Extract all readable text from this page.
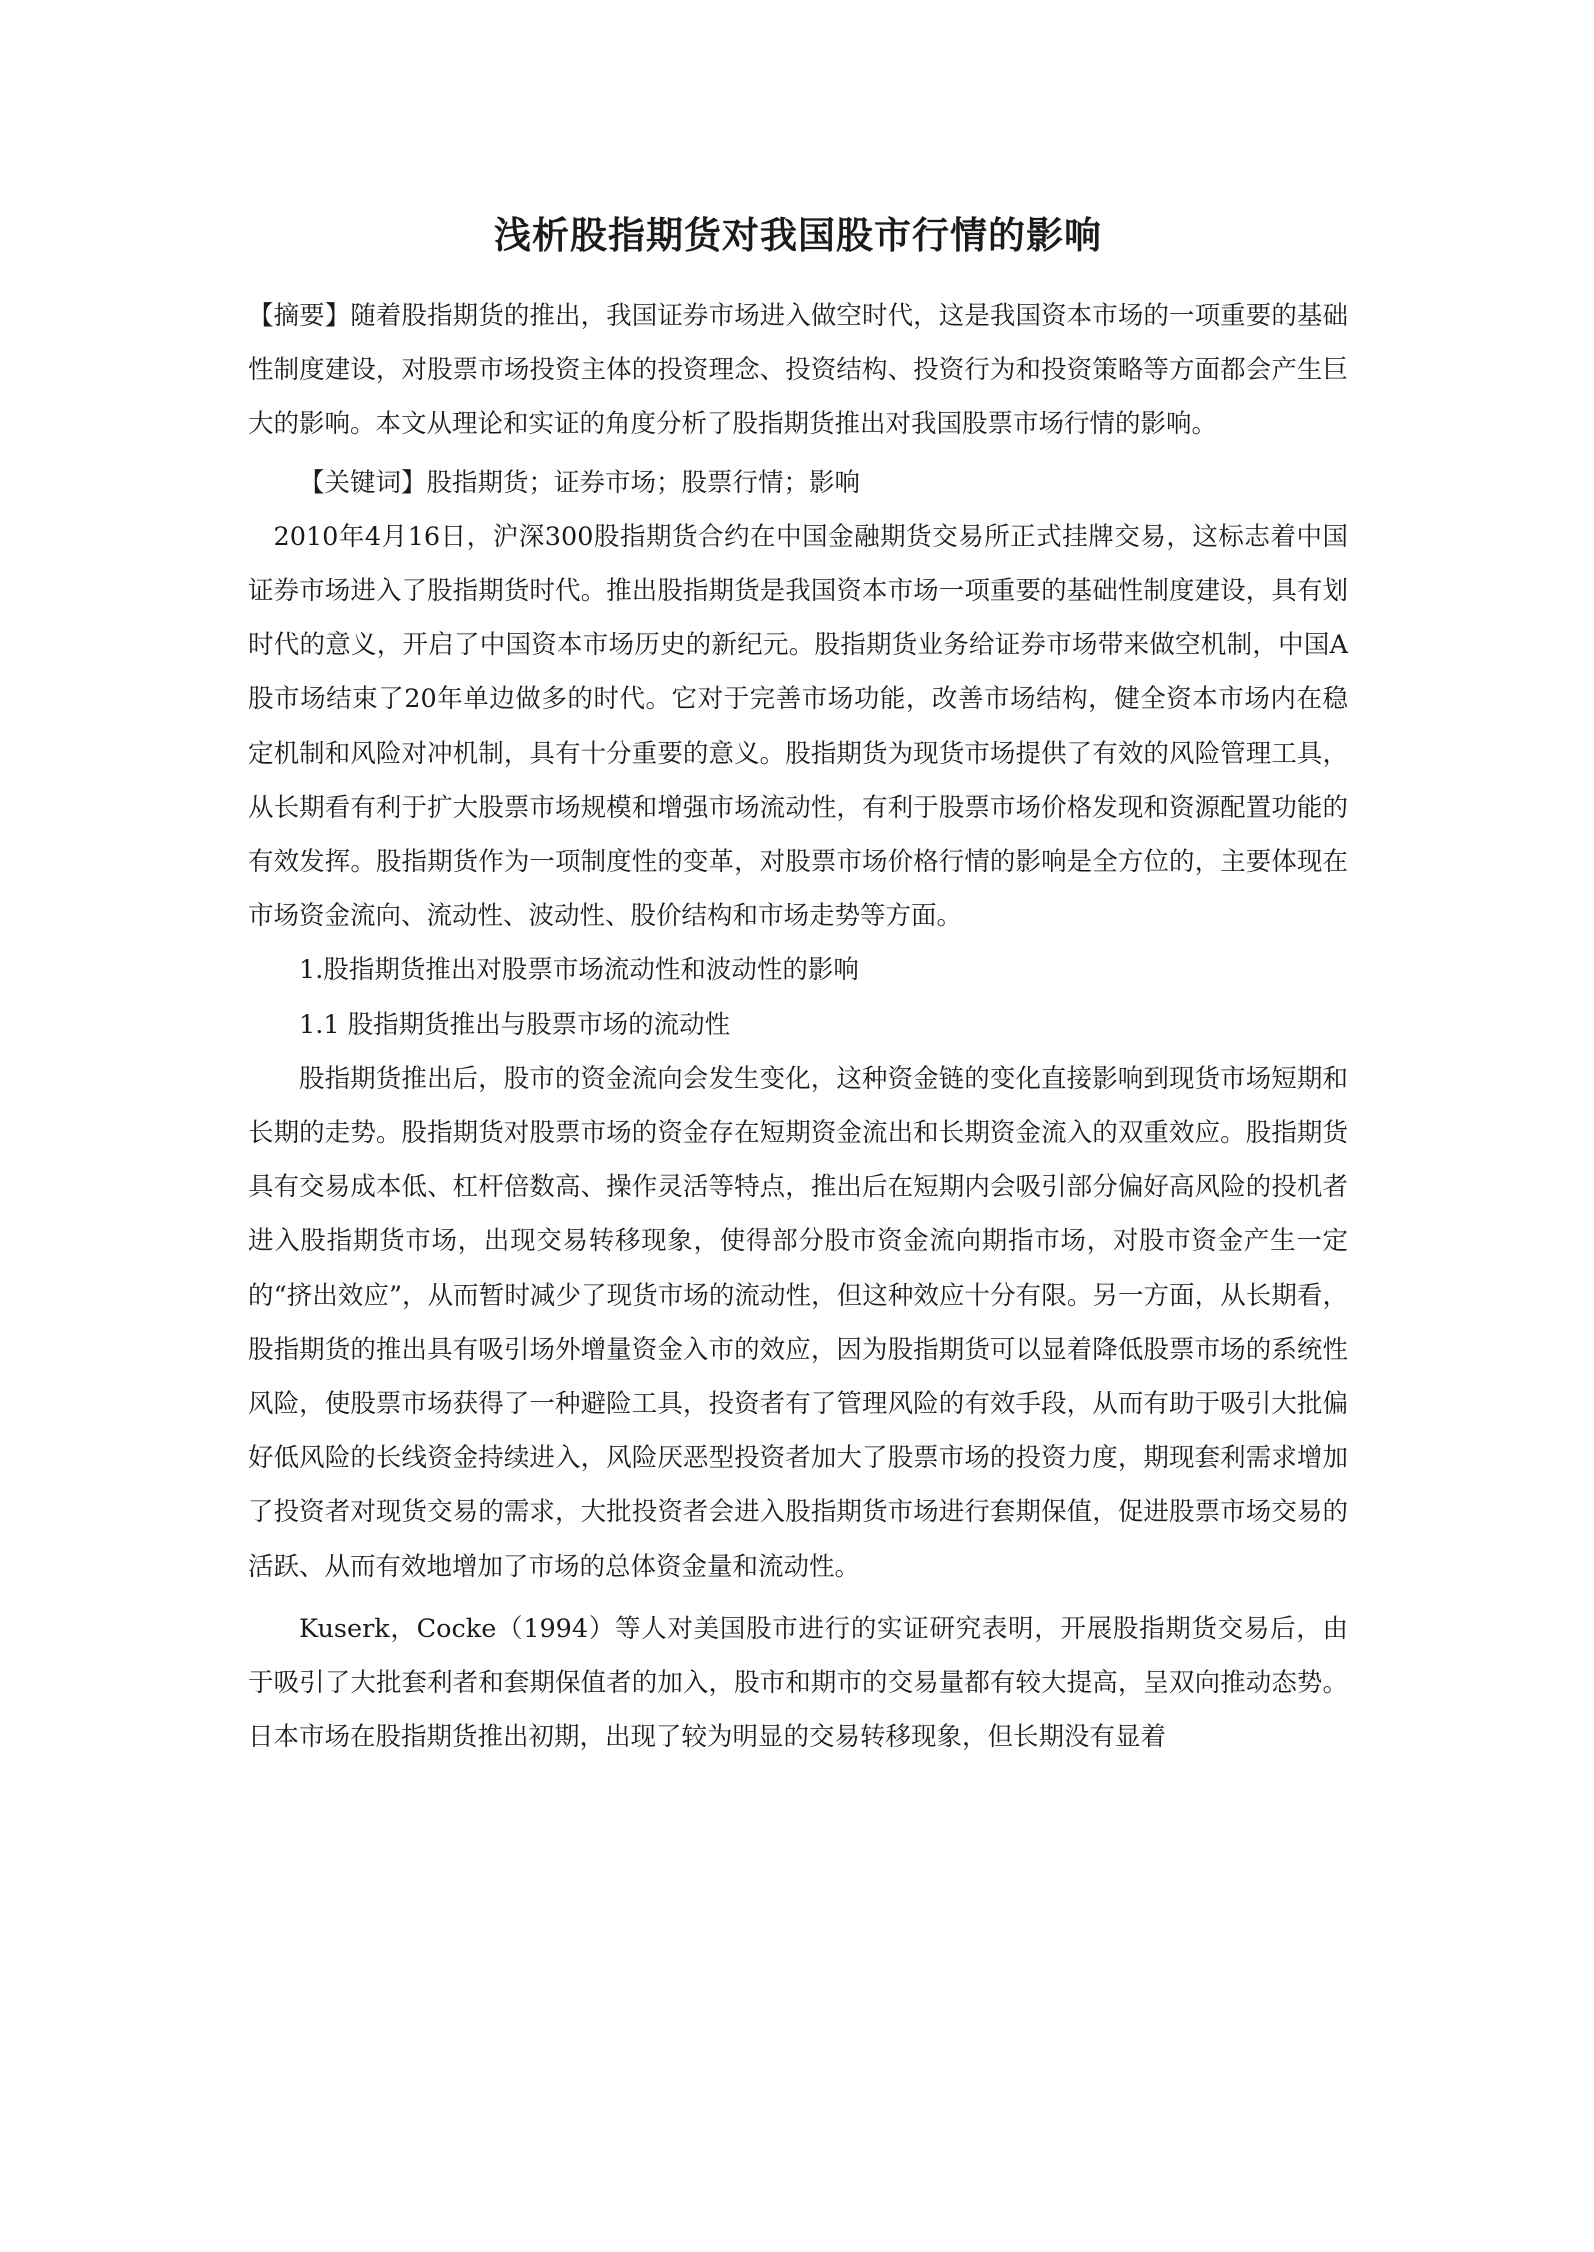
浅析股指期货对我国股市行情的影响

【摘要】随着股指期货的推出，我国证券市场进入做空时代，这是我国资本市场的一项重要的基础性制度建设，对股票市场投资主体的投资理念、投资结构、投资行为和投资策略等方面都会产生巨大的影响。本文从理论和实证的角度分析了股指期货推出对我国股票市场行情的影响。

【关键词】股指期货；证券市场；股票行情；影响

2010年4月16日，沪深300股指期货合约在中国金融期货交易所正式挂牌交易，这标志着中国证券市场进入了股指期货时代。推出股指期货是我国资本市场一项重要的基础性制度建设，具有划时代的意义，开启了中国资本市场历史的新纪元。股指期货业务给证券市场带来做空机制，中国A股市场结束了20年单边做多的时代。它对于完善市场功能，改善市场结构，健全资本市场内在稳定机制和风险对冲机制，具有十分重要的意义。股指期货为现货市场提供了有效的风险管理工具，从长期看有利于扩大股票市场规模和增强市场流动性，有利于股票市场价格发现和资源配置功能的有效发挥。股指期货作为一项制度性的变革，对股票市场价格行情的影响是全方位的，主要体现在市场资金流向、流动性、波动性、股价结构和市场走势等方面。

1.股指期货推出对股票市场流动性和波动性的影响

1.1 股指期货推出与股票市场的流动性

股指期货推出后，股市的资金流向会发生变化，这种资金链的变化直接影响到现货市场短期和长期的走势。股指期货对股票市场的资金存在短期资金流出和长期资金流入的双重效应。股指期货具有交易成本低、杠杆倍数高、操作灵活等特点，推出后在短期内会吸引部分偏好高风险的投机者进入股指期货市场，出现交易转移现象，使得部分股市资金流向期指市场，对股市资金产生一定的“挤出效应”，从而暂时减少了现货市场的流动性，但这种效应十分有限。另一方面，从长期看，股指期货的推出具有吸引场外增量资金入市的效应，因为股指期货可以显着降低股票市场的系统性风险，使股票市场获得了一种避险工具，投资者有了管理风险的有效手段，从而有助于吸引大批偏好低风险的长线资金持续进入，风险厌恶型投资者加大了股票市场的投资力度，期现套利需求增加了投资者对现货交易的需求，大批投资者会进入股指期货市场进行套期保值，促进股票市场交易的活跃、从而有效地增加了市场的总体资金量和流动性。

Kuserk，Cocke（1994）等人对美国股市进行的实证研究表明，开展股指期货交易后，由于吸引了大批套利者和套期保值者的加入，股市和期市的交易量都有较大提高，呈双向推动态势。日本市场在股指期货推出初期，出现了较为明显的交易转移现象，但长期没有显着
